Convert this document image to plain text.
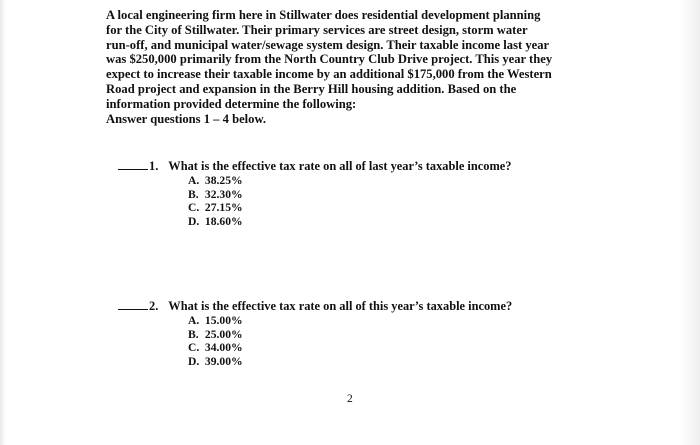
A local engineering firm here in Stillwater does residential development planning
for the City of Stillwater. Their primary services are street design, storm water
run-off, and municipal water/sewage system design. Their taxable income last year
was $250,000 primarily from the North Country Club Drive project. This year they
expect to increase their taxable income by an additional $175,000 from the Western
Road project and expansion in the Berry Hill housing addition. Based on the
information provided determine the following:
Answer questions 1 – 4 below.

1. What is the effective tax rate on all of last year’s taxable income?
A. 38.25%
B. 32.30%
C. 27.15%
D. 18.60%
2. What is the effective tax rate on all of this year’s taxable income?
A. 15.00%
B. 25.00%
C. 34.00%
D. 39.00%
2
